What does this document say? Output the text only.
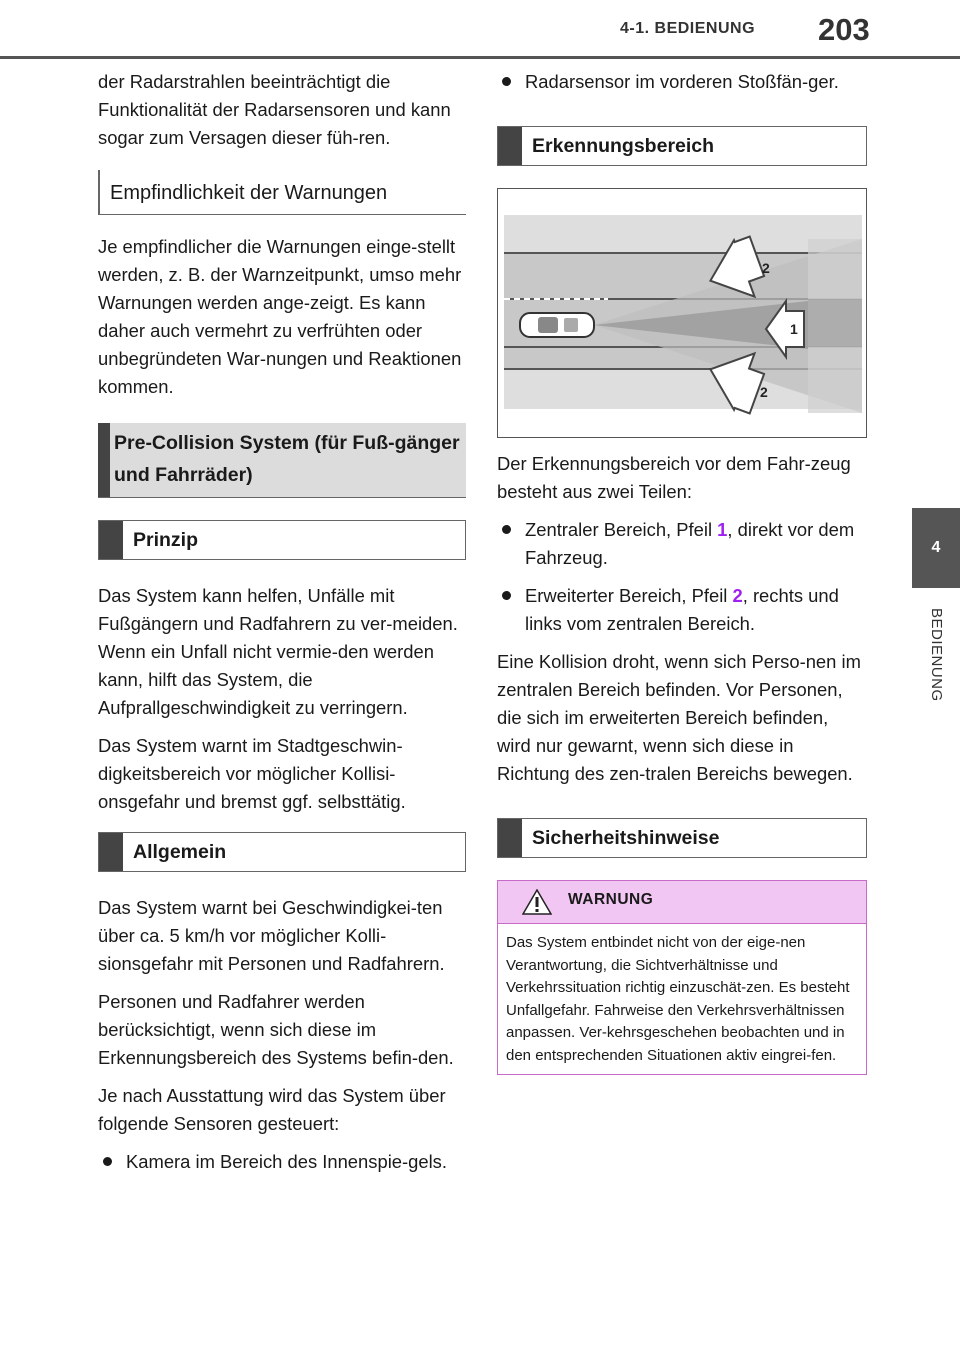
4-1. BEDIENUNG	203
4
BEDIENUNG

der Radarstrahlen beeinträchtigt die Funktionalität der Radarsensoren und kann sogar zum Versagen dieser füh-ren.

Empfindlichkeit der Warnungen

Je empfindlicher die Warnungen einge-stellt werden, z. B. der Warnzeitpunkt, umso mehr Warnungen werden ange-zeigt. Es kann daher auch vermehrt zu verfrühten oder unbegründeten War-nungen und Reaktionen kommen.

Pre-Collision System (für Fuß-gänger und Fahrräder)
Prinzip

Das System kann helfen, Unfälle mit Fußgängern und Radfahrern zu ver-meiden. Wenn ein Unfall nicht vermie-den werden kann, hilft das System, die Aufprallgeschwindigkeit zu verringern.

Das System warnt im Stadtgeschwin-digkeitsbereich vor möglicher Kollisi-onsgefahr und bremst ggf. selbsttätig.

Allgemein

Das System warnt bei Geschwindigkei-ten über ca. 5 km/h vor möglicher Kolli-sionsgefahr mit Personen und Radfahrern.

Personen und Radfahrer werden berücksichtigt, wenn sich diese im Erkennungsbereich des Systems befin-den.

Je nach Ausstattung wird das System über folgende Sensoren gesteuert:

Kamera im Bereich des Innenspie-gels.
Radarsensor im vorderen Stoßfän-ger.
Erkennungsbereich
2
1
2

Der Erkennungsbereich vor dem Fahr-zeug besteht aus zwei Teilen:

Zentraler Bereich, Pfeil 1, direkt vor dem Fahrzeug.
Erweiterter Bereich, Pfeil 2, rechts und links vom zentralen Bereich.

Eine Kollision droht, wenn sich Perso-nen im zentralen Bereich befinden. Vor Personen, die sich im erweiterten Bereich befinden, wird nur gewarnt, wenn sich diese in Richtung des zen-tralen Bereichs bewegen.

Sicherheitshinweise
WARNUNG
Das System entbindet nicht von der eige-nen Verantwortung, die Sichtverhältnisse und Verkehrssituation richtig einzuschät-zen. Es besteht Unfallgefahr. Fahrweise den Verkehrsverhältnissen anpassen. Ver-kehrsgeschehen beobachten und in den entsprechenden Situationen aktiv eingrei-fen.
